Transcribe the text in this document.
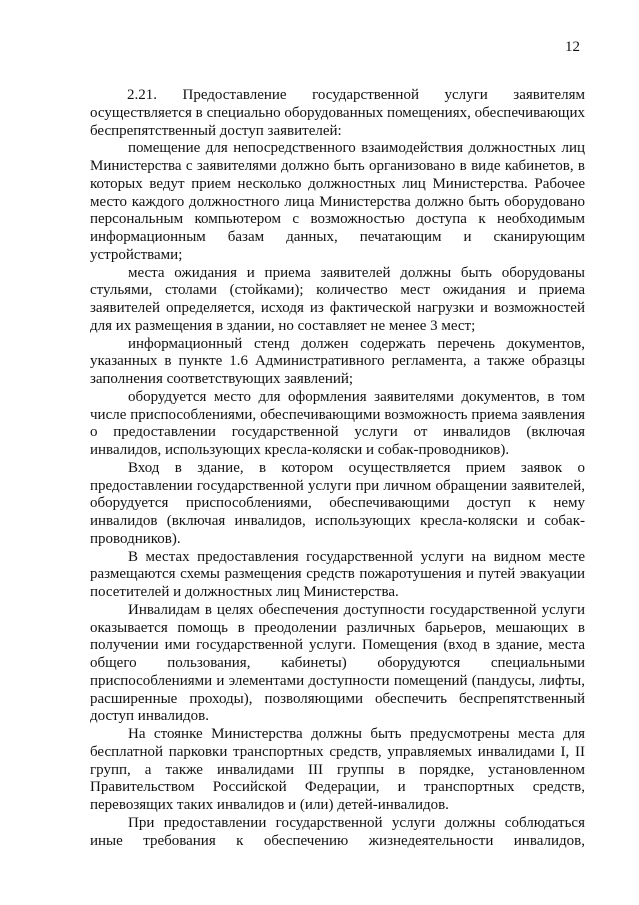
12

2.21. Предоставление государственной услуги заявителям осуществляется в специально оборудованных помещениях, обеспечивающих беспрепятственный доступ заявителей:

помещение для непосредственного взаимодействия должностных лиц Министерства с заявителями должно быть организовано в виде кабинетов, в которых ведут прием несколько должностных лиц Министерства. Рабочее место каждого должностного лица Министерства должно быть оборудовано персональным компьютером с возможностью доступа к необходимым информационным базам данных, печатающим и сканирующим устройствами;

места ожидания и приема заявителей должны быть оборудованы стульями, столами (стойками); количество мест ожидания и приема заявителей определяется, исходя из фактической нагрузки и возможностей для их размещения в здании, но составляет не менее 3 мест;

информационный стенд должен содержать перечень документов, указанных в пункте 1.6 Административного регламента, а также образцы заполнения соответствующих заявлений;

оборудуется место для оформления заявителями документов, в том числе приспособлениями, обеспечивающими возможность приема заявления о предоставлении государственной услуги от инвалидов (включая инвалидов, использующих кресла-коляски и собак-проводников).

Вход в здание, в котором осуществляется прием заявок о предоставлении государственной услуги при личном обращении заявителей, оборудуется приспособлениями, обеспечивающими доступ к нему инвалидов (включая инвалидов, использующих кресла-коляски и собак-проводников).

В местах предоставления государственной услуги на видном месте размещаются схемы размещения средств пожаротушения и путей эвакуации посетителей и должностных лиц Министерства.

Инвалидам в целях обеспечения доступности государственной услуги оказывается помощь в преодолении различных барьеров, мешающих в получении ими государственной услуги. Помещения (вход в здание, места общего пользования, кабинеты) оборудуются специальными приспособлениями и элементами доступности помещений (пандусы, лифты, расширенные проходы), позволяющими обеспечить беспрепятственный доступ инвалидов.

На стоянке Министерства должны быть предусмотрены места для бесплатной парковки транспортных средств, управляемых инвалидами I, II групп, а также инвалидами III группы в порядке, установленном Правительством Российской Федерации, и транспортных средств, перевозящих таких инвалидов и (или) детей-инвалидов.

При предоставлении государственной услуги должны соблюдаться иные требования к обеспечению жизнедеятельности инвалидов,
